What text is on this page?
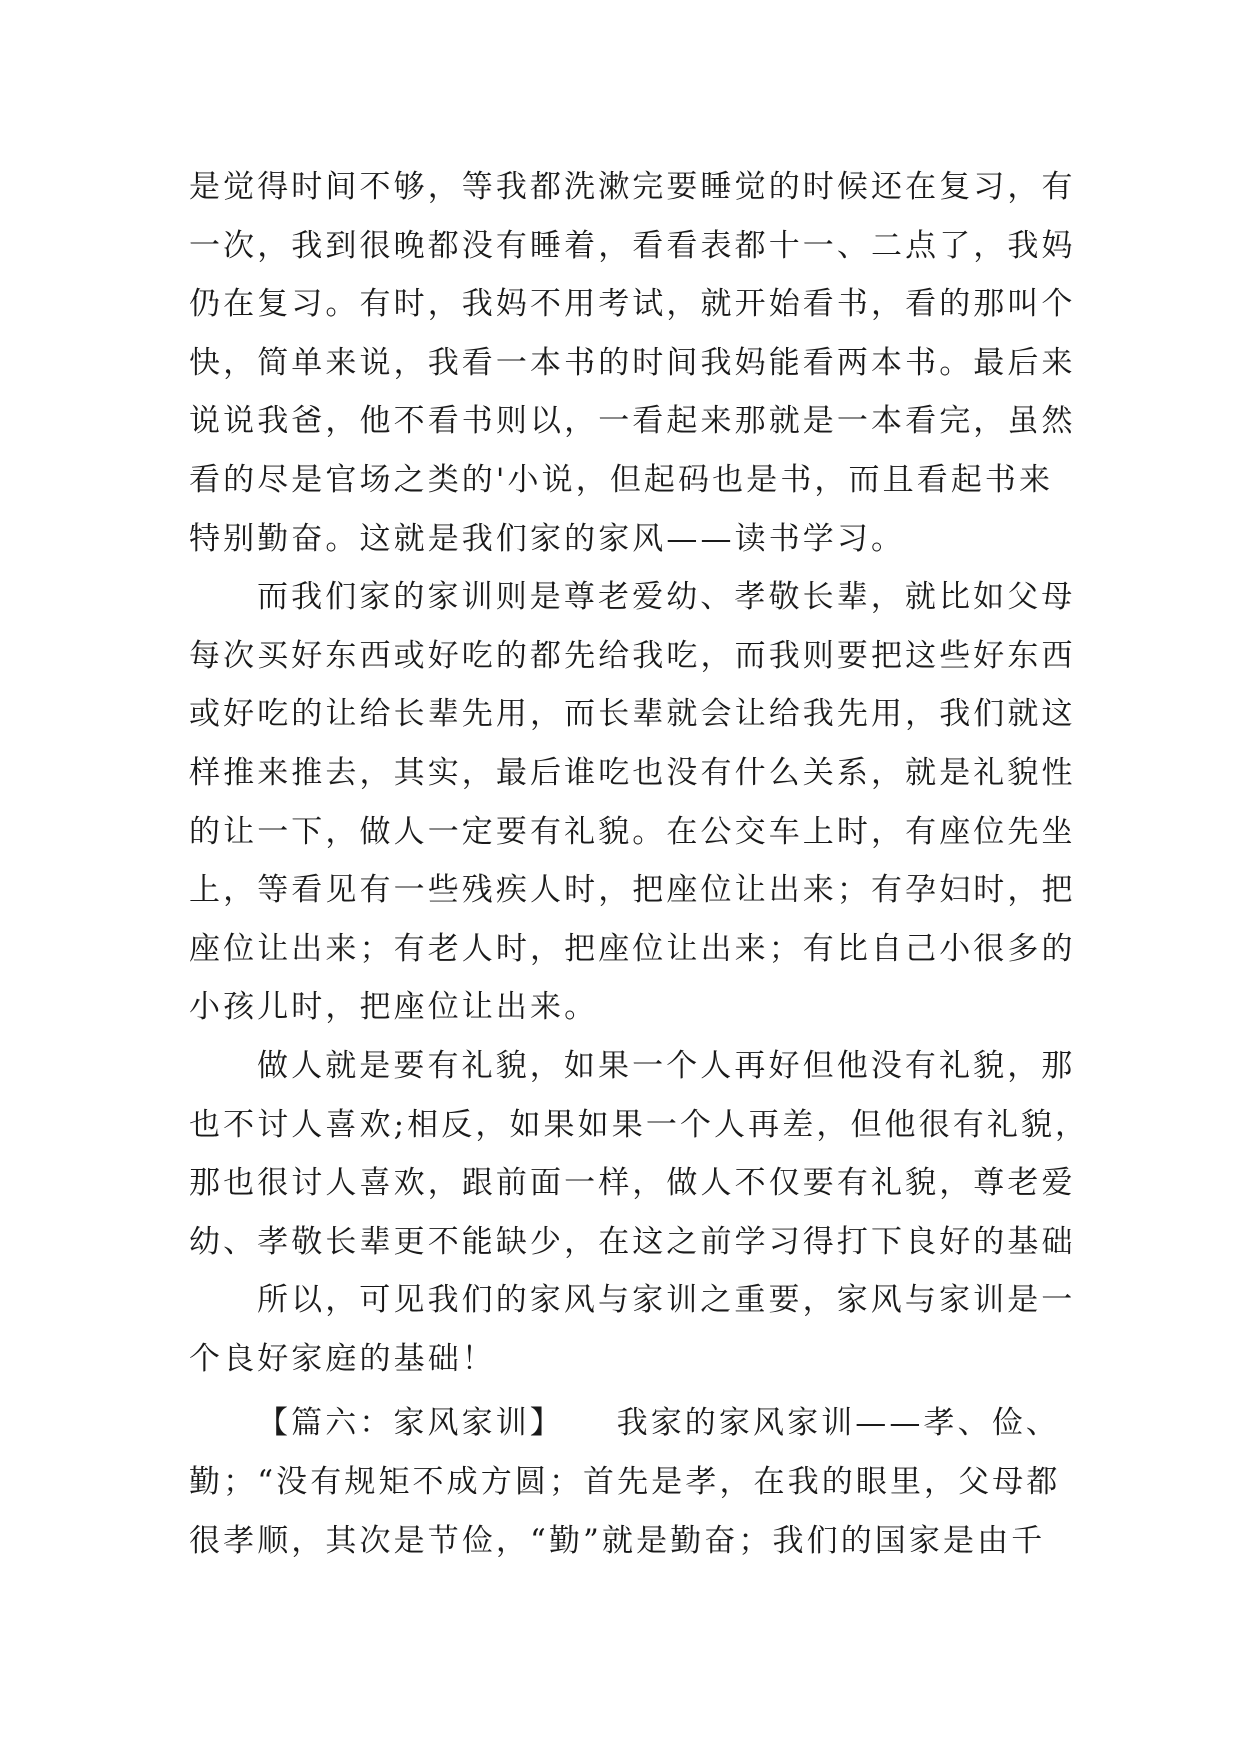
是觉得时间不够，等我都洗漱完要睡觉的时候还在复习，有
一次，我到很晚都没有睡着，看看表都十一、二点了，我妈
仍在复习。有时，我妈不用考试，就开始看书，看的那叫个
快，简单来说，我看一本书的时间我妈能看两本书。最后来
说说我爸，他不看书则以，一看起来那就是一本看完，虽然
看的尽是官场之类的'小说，但起码也是书，而且看起书来
特别勤奋。这就是我们家的家风——读书学习。
而我们家的家训则是尊老爱幼、孝敬长辈，就比如父母
每次买好东西或好吃的都先给我吃，而我则要把这些好东西
或好吃的让给长辈先用，而长辈就会让给我先用，我们就这
样推来推去，其实，最后谁吃也没有什么关系，就是礼貌性
的让一下，做人一定要有礼貌。在公交车上时，有座位先坐
上，等看见有一些残疾人时，把座位让出来；有孕妇时，把
座位让出来；有老人时，把座位让出来；有比自己小很多的
小孩儿时，把座位让出来。
做人就是要有礼貌，如果一个人再好但他没有礼貌，那
也不讨人喜欢;相反，如果如果一个人再差，但他很有礼貌，
那也很讨人喜欢，跟前面一样，做人不仅要有礼貌，尊老爱
幼、孝敬长辈更不能缺少，在这之前学习得打下良好的基础
所以，可见我们的家风与家训之重要，家风与家训是一
个良好家庭的基础！
【篇六：家风家训】　　我家的家风家训——孝、俭、
勤；“没有规矩不成方圆；首先是孝，在我的眼里，父母都
很孝顺，其次是节俭，“勤”就是勤奋；我们的国家是由千
